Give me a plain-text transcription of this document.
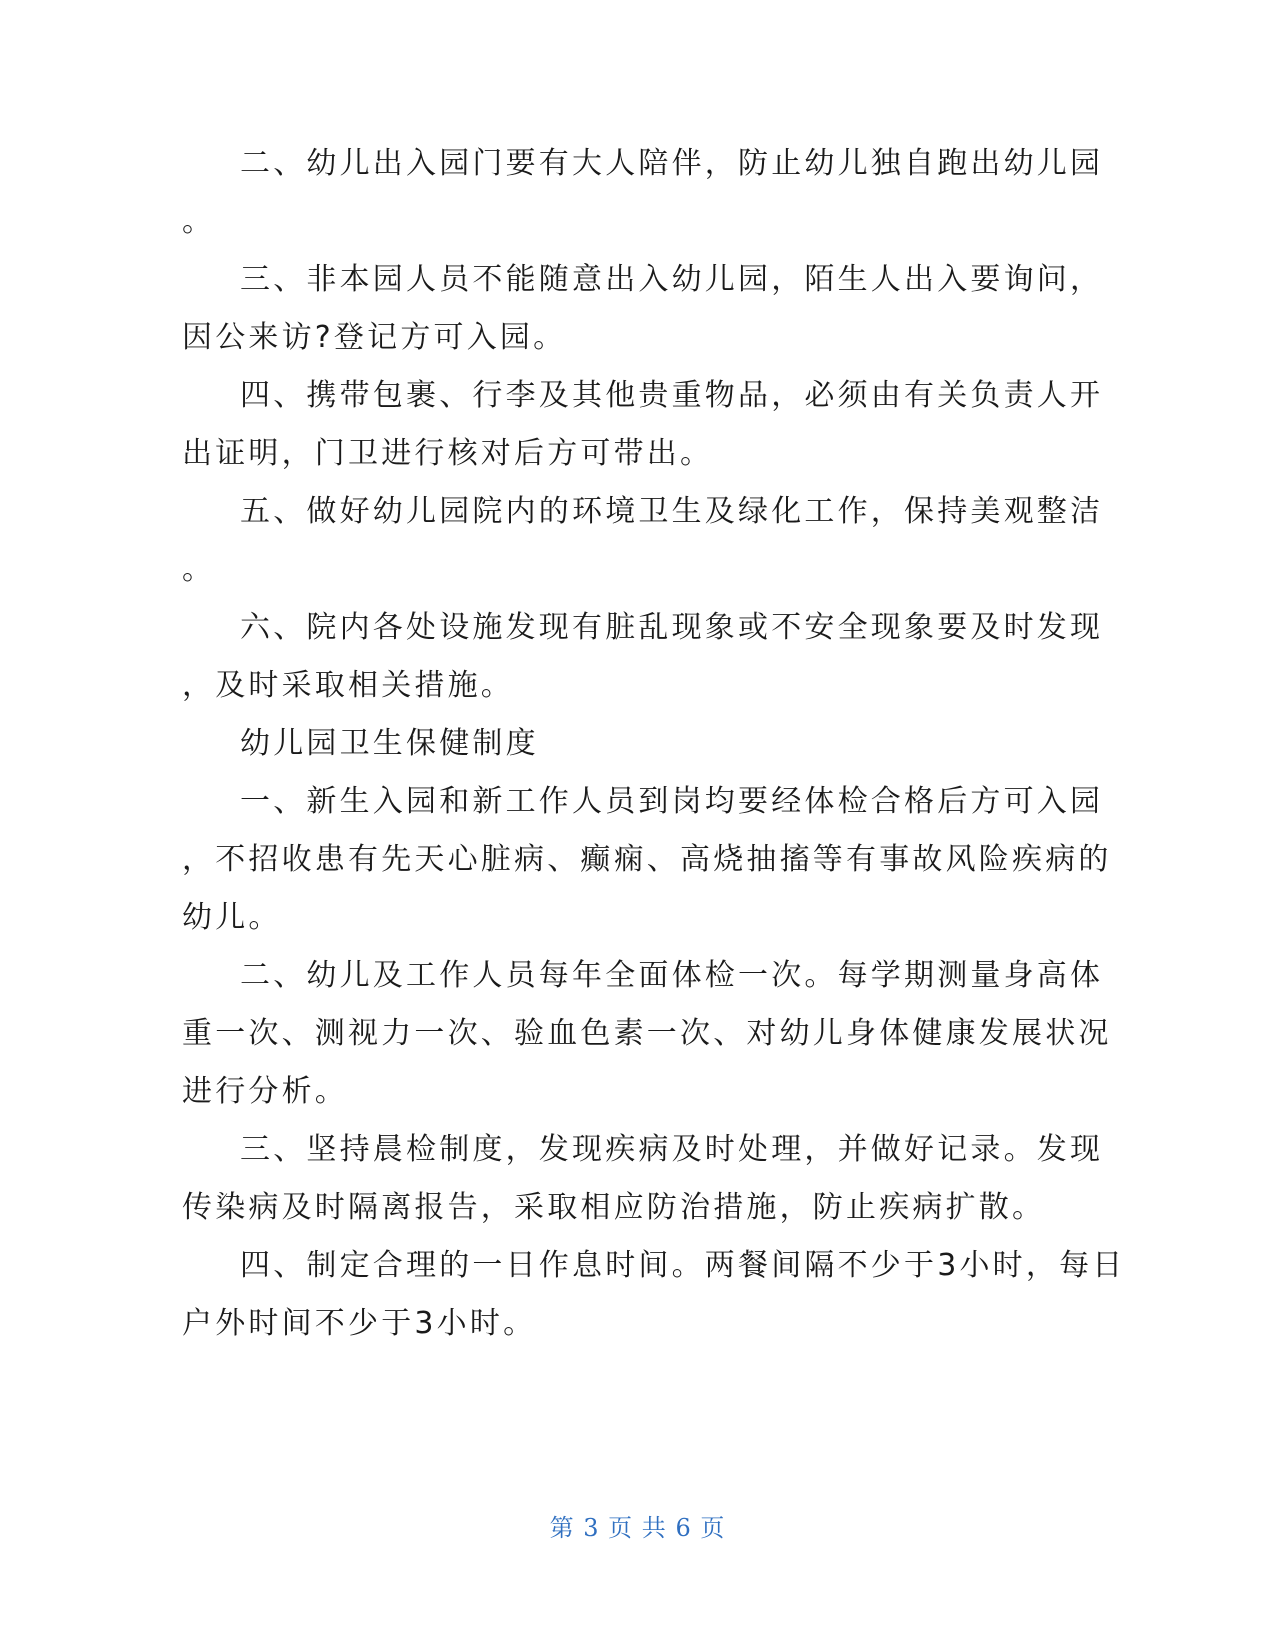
二、幼儿出入园门要有大人陪伴，防止幼儿独自跑出幼儿园
。
三、非本园人员不能随意出入幼儿园，陌生人出入要询问，
因公来访?登记方可入园。
四、携带包裹、行李及其他贵重物品，必须由有关负责人开
出证明，门卫进行核对后方可带出。
五、做好幼儿园院内的环境卫生及绿化工作，保持美观整洁
。
六、院内各处设施发现有脏乱现象或不安全现象要及时发现
，及时采取相关措施。
幼儿园卫生保健制度
一、新生入园和新工作人员到岗均要经体检合格后方可入园
，不招收患有先天心脏病、癫痫、高烧抽搐等有事故风险疾病的
幼儿。
二、幼儿及工作人员每年全面体检一次。每学期测量身高体
重一次、测视力一次、验血色素一次、对幼儿身体健康发展状况
进行分析。
三、坚持晨检制度，发现疾病及时处理，并做好记录。发现
传染病及时隔离报告，采取相应防治措施，防止疾病扩散。
四、制定合理的一日作息时间。两餐间隔不少于3小时，每日
户外时间不少于3小时。
第 3 页 共 6 页
